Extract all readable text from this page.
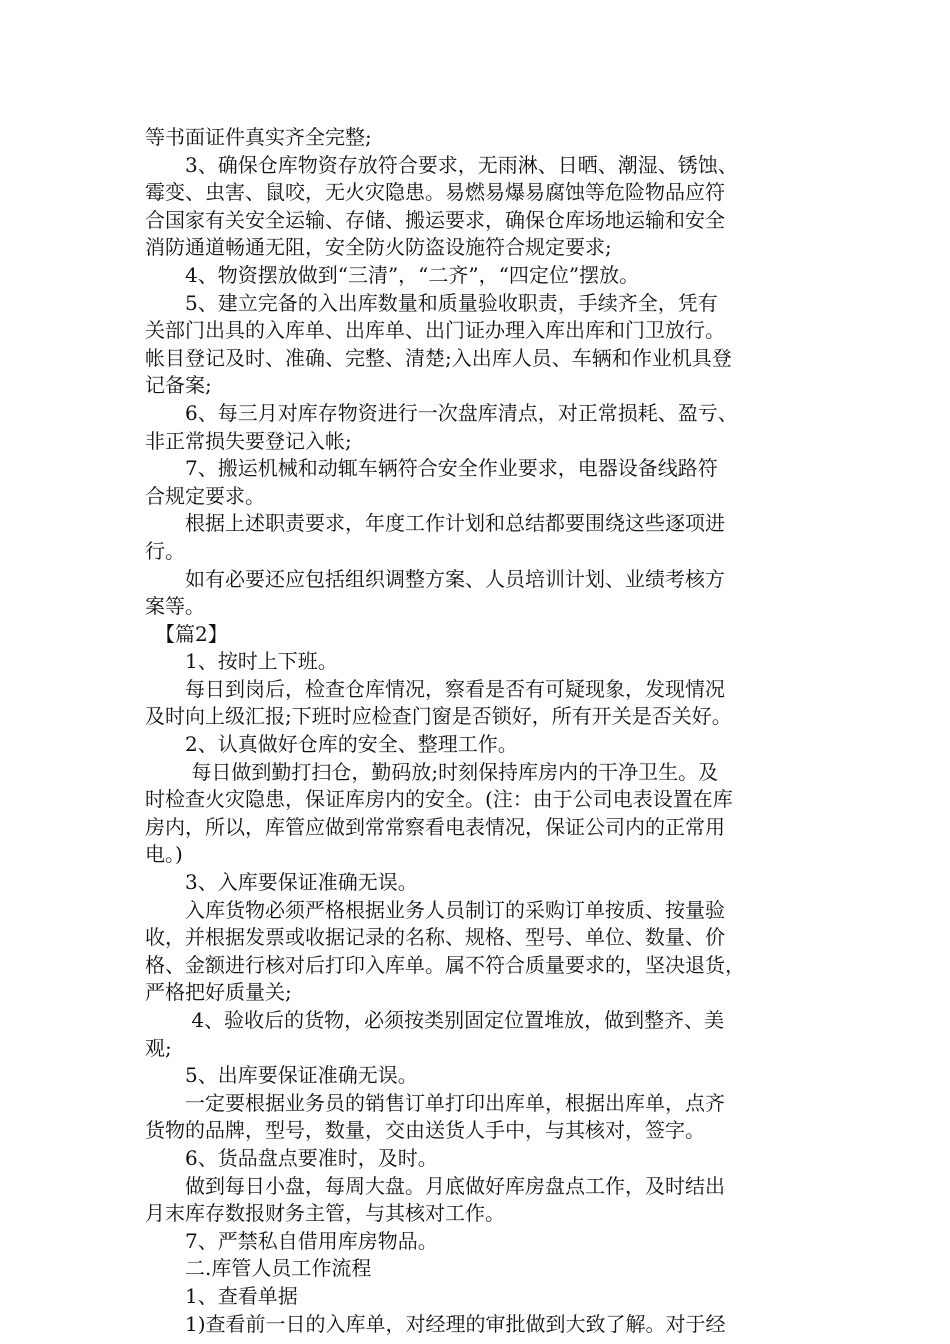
等书面证件真实齐全完整;
　　3、确保仓库物资存放符合要求，无雨淋、日晒、潮湿、锈蚀、
霉变、虫害、鼠咬，无火灾隐患。易燃易爆易腐蚀等危险物品应符
合国家有关安全运输、存储、搬运要求，确保仓库场地运输和安全
消防通道畅通无阻，安全防火防盗设施符合规定要求;
　　4、物资摆放做到“三清”，“二齐”，“四定位”摆放。
　　5、建立完备的入出库数量和质量验收职责，手续齐全，凭有
关部门出具的入库单、出库单、出门证办理入库出库和门卫放行。
帐目登记及时、准确、完整、清楚;入出库人员、车辆和作业机具登
记备案;
　　6、每三月对库存物资进行一次盘库清点，对正常损耗、盈亏、
非正常损失要登记入帐;
　　7、搬运机械和动辄车辆符合安全作业要求，电器设备线路符
合规定要求。
　　根据上述职责要求，年度工作计划和总结都要围绕这些逐项进
行。
　　如有必要还应包括组织调整方案、人员培训计划、业绩考核方
案等。
　【篇2】
　　1、按时上下班。
　　每日到岗后，检查仓库情况，察看是否有可疑现象，发现情况
及时向上级汇报;下班时应检查门窗是否锁好，所有开关是否关好。
　　2、认真做好仓库的安全、整理工作。
　　 每日做到勤打扫仓，勤码放;时刻保持库房内的干净卫生。及
时检查火灾隐患，保证库房内的安全。(注：由于公司电表设置在库
房内，所以，库管应做到常常察看电表情况，保证公司内的正常用
电。)
　　3、入库要保证准确无误。
　　入库货物必须严格根据业务人员制订的采购订单按质、按量验
收，并根据发票或收据记录的名称、规格、型号、单位、数量、价
格、金额进行核对后打印入库单。属不符合质量要求的，坚决退货，
严格把好质量关;
　　 4、验收后的货物，必须按类别固定位置堆放，做到整齐、美
观;
　　5、出库要保证准确无误。
　　一定要根据业务员的销售订单打印出库单，根据出库单，点齐
货物的品牌，型号，数量，交由送货人手中，与其核对，签字。
　　6、货品盘点要准时，及时。
　　做到每日小盘，每周大盘。月底做好库房盘点工作，及时结出
月末库存数报财务主管，与其核对工作。
　　7、严禁私自借用库房物品。
　　二.库管人员工作流程
　　1、查看单据
　　1)查看前一日的入库单，对经理的审批做到大致了解。对于经
